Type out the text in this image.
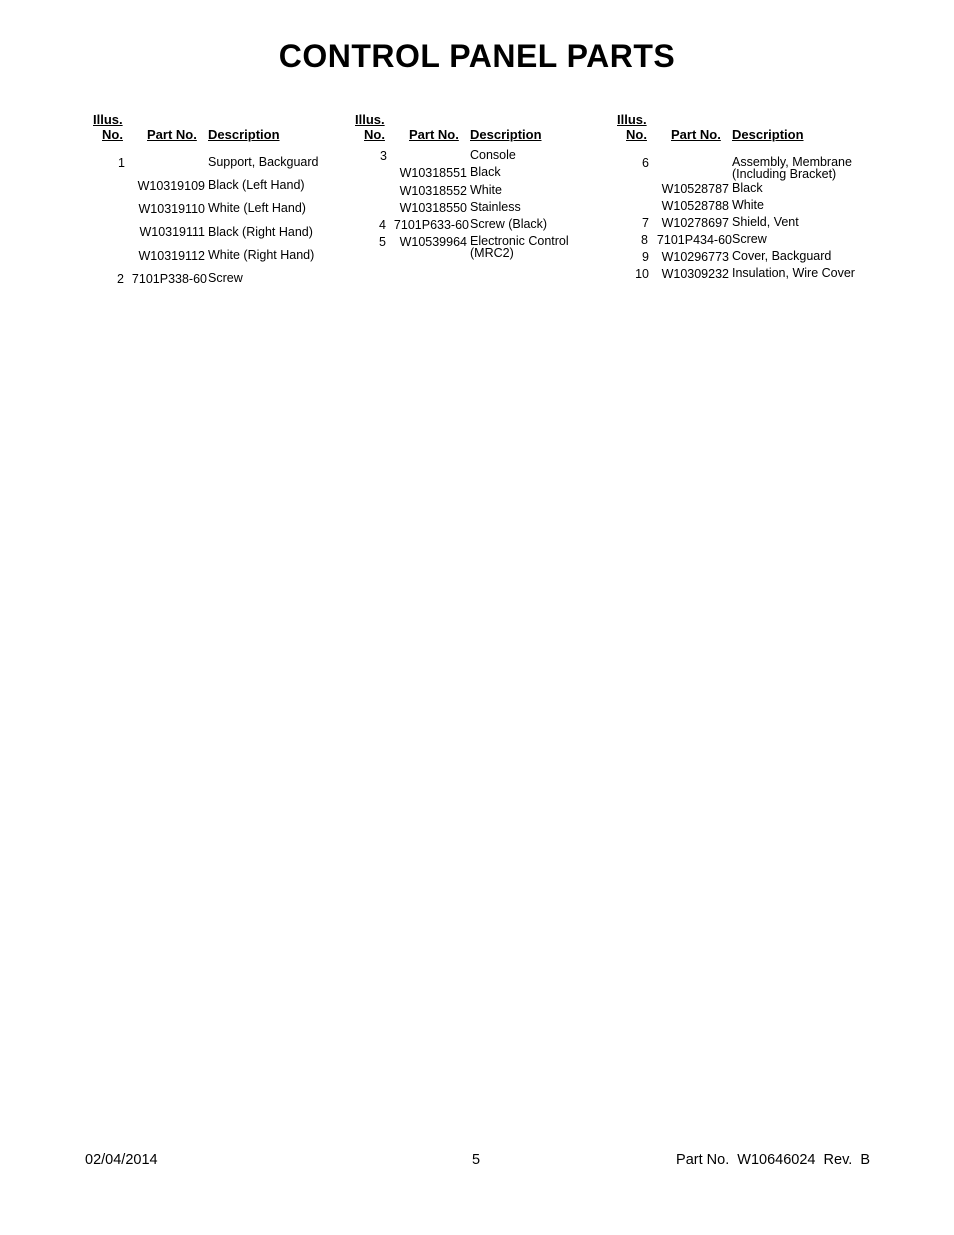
CONTROL PANEL PARTS
Illus.
No. Part No. Description
1	Support, Backguard
W10319109 Black (Left Hand)
W10319110 White (Left Hand)
W10319111 Black (Right Hand)
W10319112 White (Right Hand)
2 7101P338-60 Screw
Illus.
No. Part No. Description
3	Console
W10318551 Black
W10318552 White
W10318550 Stainless
4 7101P633-60 Screw (Black)
5 W10539964 Electronic Control
(MRC2)
Illus.
No. Part No. Description
6	Assembly, Membrane
(Including Bracket)
W10528787 Black
W10528788 White
7 W10278697 Shield, Vent
8 7101P434-60 Screw
9 W10296773 Cover, Backguard
10 W10309232 Insulation, Wire Cover
02/04/2014	5	Part No.  W10646024  Rev.  B
